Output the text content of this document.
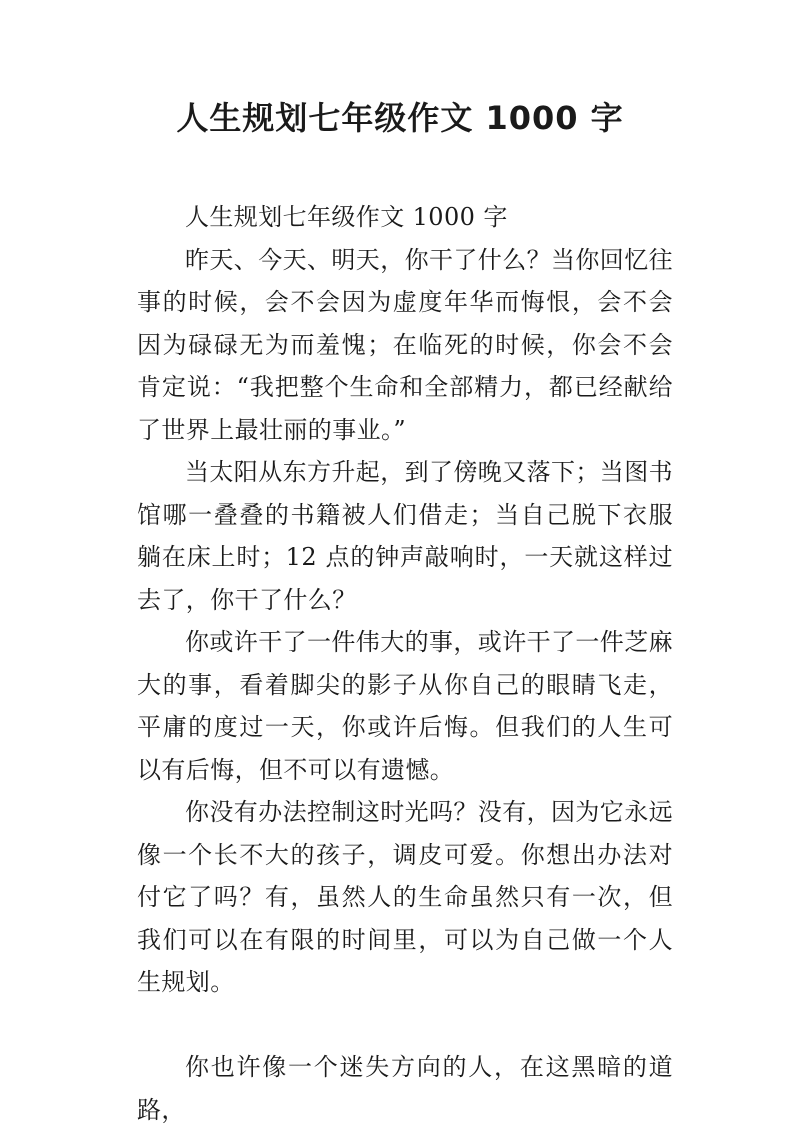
人生规划七年级作文 1000 字

人生规划七年级作文 1000 字

昨天、今天、明天，你干了什么？当你回忆往事的时候，会不会因为虚度年华而悔恨，会不会因为碌碌无为而羞愧；在临死的时候，你会不会肯定说：“我把整个生命和全部精力，都已经献给了世界上最壮丽的事业。”

当太阳从东方升起，到了傍晚又落下；当图书馆哪一叠叠的书籍被人们借走；当自己脱下衣服躺在床上时；12 点的钟声敲响时，一天就这样过去了，你干了什么？

你或许干了一件伟大的事，或许干了一件芝麻大的事，看着脚尖的影子从你自己的眼睛飞走，平庸的度过一天，你或许后悔。但我们的人生可以有后悔，但不可以有遗憾。

你没有办法控制这时光吗？没有，因为它永远像一个长不大的孩子，调皮可爱。你想出办法对付它了吗？有，虽然人的生命虽然只有一次，但我们可以在有限的时间里，可以为自己做一个人生规划。

你也许像一个迷失方向的人，在这黑暗的道路，
